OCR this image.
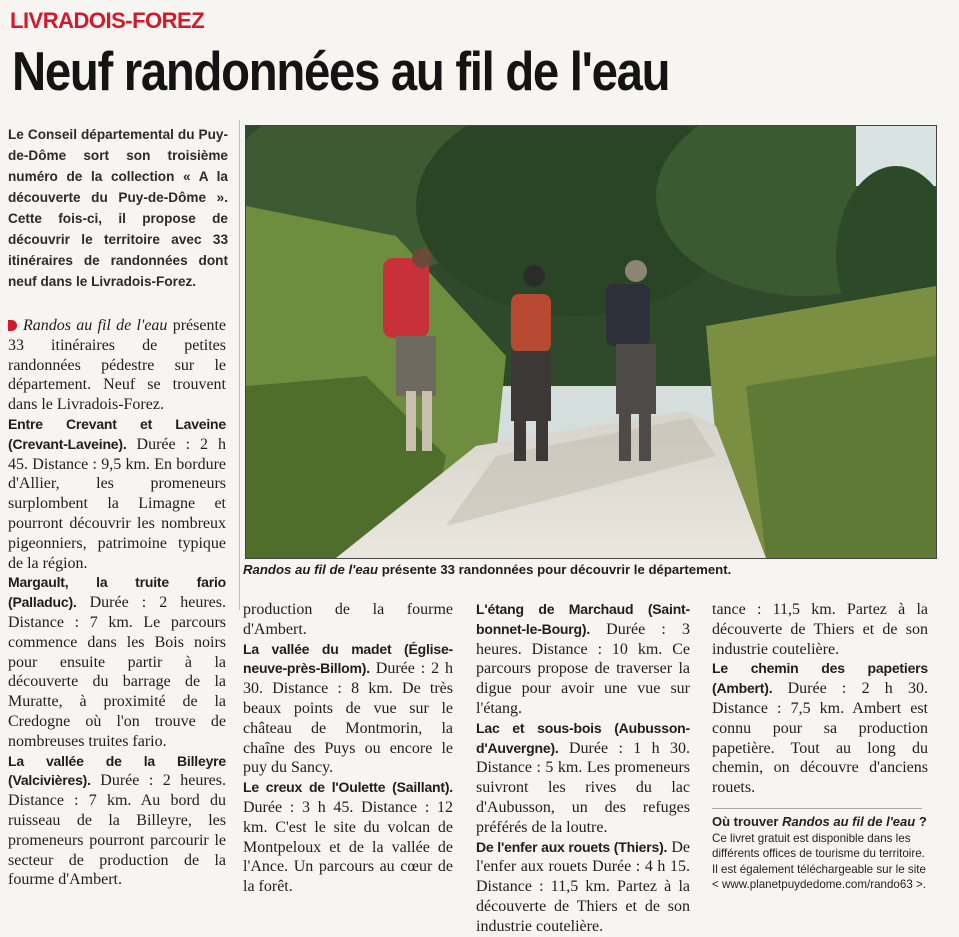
LIVRADOIS-FOREZ
Neuf randonnées au fil de l'eau
Le Conseil départemental du Puy-de-Dôme sort son troisième numéro de la collection « A la découverte du Puy-de-Dôme ». Cette fois-ci, il propose de découvrir le territoire avec 33 itinéraires de randonnées dont neuf dans le Livradois-Forez.

Randos au fil de l'eau présente 33 itinéraires de petites randonnées pédestre sur le département. Neuf se trouvent dans le Livradois-Forez.

Entre Crevant et Laveine (Crevant-Laveine). Durée : 2 h 45. Distance : 9,5 km. En bordure d'Allier, les promeneurs surplombent la Limagne et pourront découvrir les nombreux pigeonniers, patrimoine typique de la région.

Margault, la truite fario (Palladuc). Durée : 2 heures. Distance : 7 km. Le parcours commence dans les Bois noirs pour ensuite partir à la découverte du barrage de la Muratte, à proximité de la Credogne où l'on trouve de nombreuses truites fario.

La vallée de la Billeyre (Valcivières). Durée : 2 heures. Distance : 7 km. Au bord du ruisseau de la Billeyre, les promeneurs pourront parcourir le secteur de production de la fourme d'Ambert.

Randos au fil de l'eau présente 33 randonnées pour découvrir le département.

production de la fourme d'Ambert.

La vallée du madet (Église-neuve-près-Billom). Durée : 2 h 30. Distance : 8 km. De très beaux points de vue sur le château de Montmorin, la chaîne des Puys ou encore le puy du Sancy.

Le creux de l'Oulette (Saillant). Durée : 3 h 45. Distance : 12 km. C'est le site du volcan de Montpeloux et de la vallée de l'Ance. Un parcours au cœur de la forêt.

L'étang de Marchaud (Saint-bonnet-le-Bourg). Durée : 3 heures. Distance : 10 km. Ce parcours propose de traverser la digue pour avoir une vue sur l'étang.

Lac et sous-bois (Aubusson-d'Auvergne). Durée : 1 h 30. Distance : 5 km. Les promeneurs suivront les rives du lac d'Aubusson, un des refuges préférés de la loutre.

De l'enfer aux rouets (Thiers). De l'enfer aux rouets Durée : 4 h 15. Distance : 11,5 km. Partez à la découverte de Thiers et de son industrie coutelière.

tance : 11,5 km. Partez à la découverte de Thiers et de son industrie coutelière.

Le chemin des papetiers (Ambert). Durée : 2 h 30. Distance : 7,5 km. Ambert est connu pour sa production papetière. Tout au long du chemin, on découvre d'anciens rouets.

Où trouver Randos au fil de l'eau ? Ce livret gratuit est disponible dans les différents offices de tourisme du territoire. Il est également téléchargeable sur le site < www.planetpuydedome.com/rando63 >.
